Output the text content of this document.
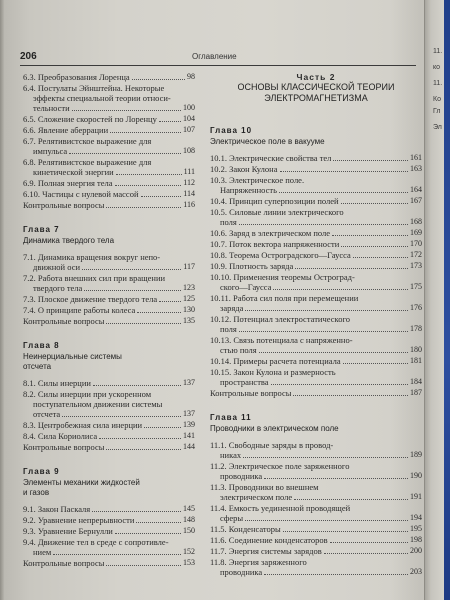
206	Оглавление
6.3. Преобразования Лоренца	98
6.4. Постулаты Эйнштейна. Некоторые
эффекты специальной теории относи-
тельности	100
6.5. Сложение скоростей по Лоренцу	104
6.6. Явление аберрации	107
6.7. Релятивистское выражение для
импульса	108
6.8. Релятивистское выражение для
кинетической энергии	111
6.9. Полная энергия тела	112
6.10. Частицы с нулевой массой	114
Контрольные вопросы	116
Глава 7
Динамика твердого тела
7.1. Динамика вращения вокруг непо-
движной оси	117
7.2. Работа внешних сил при вращении
твердого тела	123
7.3. Плоское движение твердого тела	125
7.4. О принципе работы колеса	130
Контрольные вопросы	135
Глава 8
Неинерциальные системы
отсчета
8.1. Силы инерции	137
8.2. Силы инерции при ускоренном
поступательном движении системы
отсчета	137
8.3. Центробежная сила инерции	139
8.4. Сила Кориолиса	141
Контрольные вопросы	144
Глава 9
Элементы механики жидкостей
и газов
9.1. Закон Паскаля	145
9.2. Уравнение непрерывности	148
9.3. Уравнение Бернулли	150
9.4. Движение тел в среде с сопротивле-
нием	152
Контрольные вопросы	153
Часть 2
ОСНОВЫ КЛАССИЧЕСКОЙ ТЕОРИИ
ЭЛЕКТРОМАГНЕТИЗМА
Глава 10
Электрическое поле в вакууме
10.1. Электрические свойства тел	161
10.2. Закон Кулона	163
10.3. Электрическое поле.
Напряженность	164
10.4. Принцип суперпозиции полей	167
10.5. Силовые линии электрического
поля	168
10.6. Заряд в электрическом поле	169
10.7. Поток вектора напряженности	170
10.8. Теорема Остроградского—Гаусса	172
10.9. Плотность заряда	173
10.10. Применения теоремы Остроград-
ского—Гаусса	175
10.11. Работа сил поля при перемещении
заряда	176
10.12. Потенциал электростатического
поля	178
10.13. Связь потенциала с напряженно-
стью поля	180
10.14. Примеры расчета потенциала	181
10.15. Закон Кулона и размерность
пространства	184
Контрольные вопросы	187
Глава 11
Проводники в электрическом поле
11.1. Свободные заряды в провод-
никах	189
11.2. Электрическое поле заряженного
проводника	190
11.3. Проводники во внешнем
электрическом поле	191
11.4. Емкость уединенной проводящей
сферы	194
11.5. Конденсаторы	195
11.6. Соединение конденсаторов	198
11.7. Энергия системы зарядов	200
11.8. Энергия заряженного
проводника	203
11.
ко
11.
Ко
Гл
Эл
